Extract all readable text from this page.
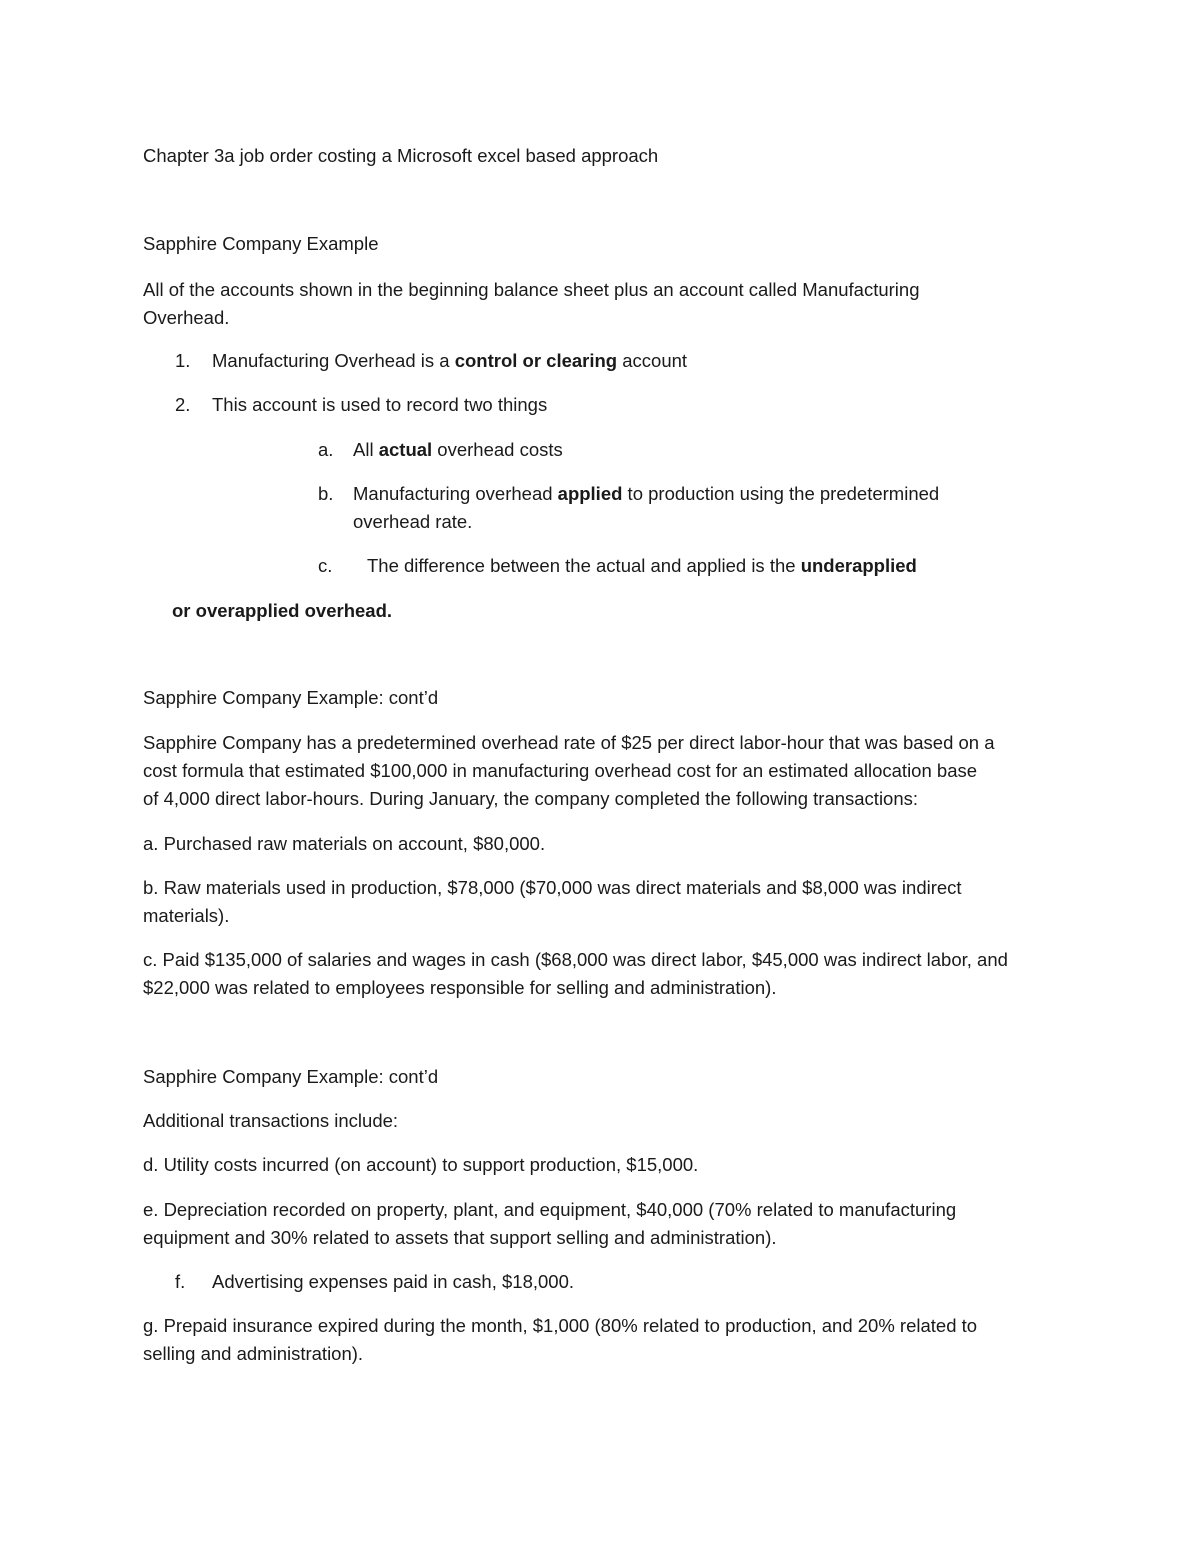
Chapter 3a job order costing a Microsoft excel based approach
Sapphire Company Example
All of the accounts shown in the beginning balance sheet plus an account called Manufacturing
Overhead.
1. Manufacturing Overhead is a control or clearing account
2. This account is used to record two things
a. All actual overhead costs
b. Manufacturing overhead applied to production using the predetermined
overhead rate.
c. The difference between the actual and applied is the underapplied
or overapplied overhead.
Sapphire Company Example: cont’d
Sapphire Company has a predetermined overhead rate of $25 per direct labor-hour that was based on a
cost formula that estimated $100,000 in manufacturing overhead cost for an estimated allocation base
of 4,000 direct labor-hours. During January, the company completed the following transactions:
a. Purchased raw materials on account, $80,000.
b. Raw materials used in production, $78,000 ($70,000 was direct materials and $8,000 was indirect
materials).
c. Paid $135,000 of salaries and wages in cash ($68,000 was direct labor, $45,000 was indirect labor, and
$22,000 was related to employees responsible for selling and administration).
Sapphire Company Example: cont’d
Additional transactions include:
d. Utility costs incurred (on account) to support production, $15,000.
e. Depreciation recorded on property, plant, and equipment, $40,000 (70% related to manufacturing
equipment and 30% related to assets that support selling and administration).
f. Advertising expenses paid in cash, $18,000.
g. Prepaid insurance expired during the month, $1,000 (80% related to production, and 20% related to
selling and administration).
